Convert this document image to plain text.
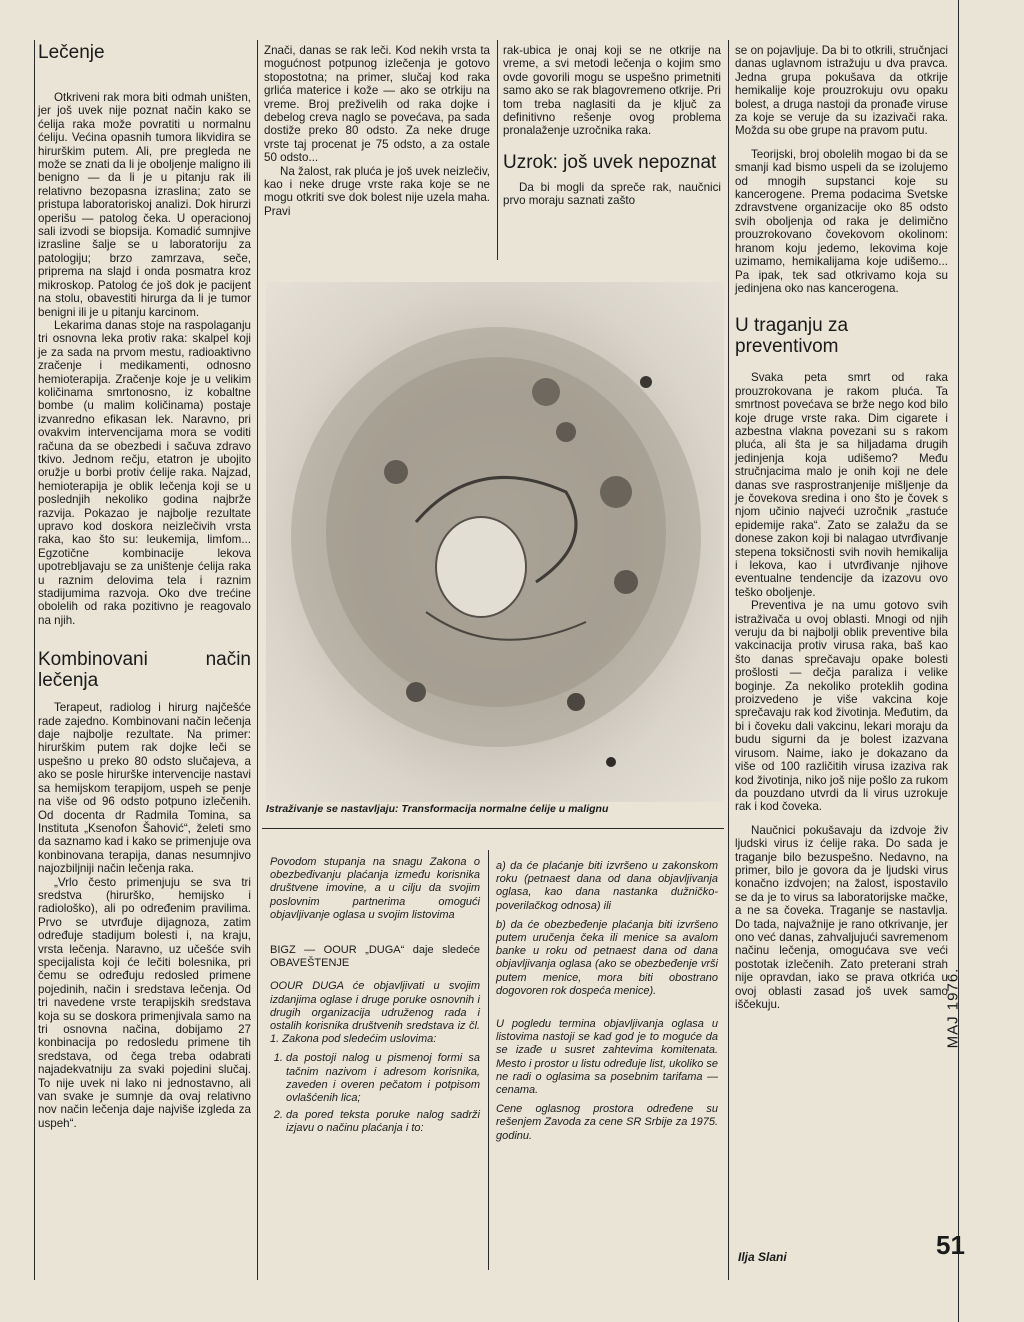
Lečenje

Otkriveni rak mora biti odmah uništen, jer još uvek nije poznat način kako se ćelija raka može povratiti u normalnu ćeliju. Većina opasnih tumora likvidira se hirurškim putem. Ali, pre pregleda ne može se znati da li je oboljenje maligno ili benigno — da li je u pitanju rak ili relativno bezopasna izraslina; zato se pristupa laboratoriskoj analizi. Dok hirurzi operišu — patolog čeka. U operacionoj sali izvodi se biopsija. Komadić sumnjive izrasline šalje se u laboratoriju za patologiju; brzo zamrzava, seče, priprema na slajd i onda posmatra kroz mikroskop. Patolog će još dok je pacijent na stolu, obavestiti hirurga da li je tumor benigni ili je u pitanju karcinom.

Lekarima danas stoje na raspolaganju tri osnovna leka protiv raka: skalpel koji je za sada na prvom mestu, radioaktivno zračenje i medikamenti, odnosno hemioterapija. Zračenje koje je u velikim količinama smrtonosno, iz kobaltne bombe (u malim količinama) postaje izvanredno efikasan lek. Naravno, pri ovakvim intervencijama mora se voditi računa da se obezbedi i sačuva zdravo tkivo. Jednom rečju, etatron je ubojito oružje u borbi protiv ćelije raka. Najzad, hemioterapija je oblik lečenja koji se u poslednjih nekoliko godina najbrže razvija. Pokazao je najbolje rezultate upravo kod doskora neizlečivih vrsta raka, kao što su: leukemija, limfom... Egzotične kombinacije lekova upotrebljavaju se za uništenje ćelija raka u raznim delovima tela i raznim stadijumima razvoja. Oko dve trećine obolelih od raka pozitivno je reagovalo na njih.

Kombinovani način lečenja

Terapeut, radiolog i hirurg najčešće rade zajedno. Kombinovani način lečenja daje najbolje rezultate. Na primer: hirurškim putem rak dojke leči se uspešno u preko 80 odsto slučajeva, a ako se posle hirurške intervencije nastavi sa hemijskom terapijom, uspeh se penje na više od 96 odsto potpuno izlečenih. Od docenta dr Radmila Tomina, sa Instituta „Ksenofon Šahović“, želeti smo da saznamo kad i kako se primenjuje ova konbinovana terapija, danas nesumnjivo najozbiljniji način lečenja raka.

„Vrlo često primenjuju se sva tri sredstva (hirurško, hemijsko i radiološko), ali po određenim pravilima. Prvo se utvrđuje dijagnoza, zatim određuje stadijum bolesti i, na kraju, vrsta lečenja. Naravno, uz učešće svih specijalista koji će lečiti bolesnika, pri čemu se određuju redosled primene pojedinih, način i sredstava lečenja. Od tri navedene vrste terapijskih sredstava koja su se doskora primenjivala samo na tri osnovna načina, dobijamo 27 konbinacija po redosledu primene tih sredstava, od čega treba odabrati najadekvatniju za svaki pojedini slučaj. To nije uvek ni lako ni jednostavno, ali van svake je sumnje da ovaj relativno nov način lečenja daje najviše izgleda za uspeh“.

Znači, danas se rak leči. Kod nekih vrsta ta mogućnost potpunog izlečenja je gotovo stopostotna; na primer, slučaj kod raka grlića materice i kože — ako se otrkiju na vreme. Broj preživelih od raka dojke i debelog creva naglo se povećava, pa sada dostiže preko 80 odsto. Za neke druge vrste taj procenat je 75 odsto, a za ostale 50 odsto...

Na žalost, rak pluća je još uvek neizlečiv, kao i neke druge vrste raka koje se ne mogu otkriti sve dok bolest nije uzela maha. Pravi

rak-ubica je onaj koji se ne otkrije na vreme, a svi metodi lečenja o kojim smo ovde govorili mogu se uspešno primetniti samo ako se rak blagovremeno otkrije. Pri tom treba naglasiti da je ključ za definitivno rešenje ovog problema pronalaženje uzročnika raka.

Uzrok: još uvek nepoznat

Da bi mogli da spreče rak, naučnici prvo moraju saznati zašto

Istraživanje se nastavljaju: Transformacija normalne ćelije u malignu

se on pojavljuje. Da bi to otkrili, stručnjaci danas uglavnom istražuju u dva pravca. Jedna grupa pokušava da otkrije hemikalije koje prouzrokuju ovu opaku bolest, a druga nastoji da pronađe viruse za koje se veruje da su izazivači raka. Možda su obe grupe na pravom putu.

Teorijski, broj obolelih mogao bi da se smanji kad bismo uspeli da se izolujemo od mnogih supstanci koje su kancerogene. Prema podacima Svetske zdravstvene organizacije oko 85 odsto svih oboljenja od raka je delimično prouzrokovano čovekovom okolinom: hranom koju jedemo, lekovima koje uzimamo, hemikalijama koje udišemo... Pa ipak, tek sad otkrivamo koja su jedinjena oko nas kancerogena.

U traganju za preventivom

Svaka peta smrt od raka prouzrokovana je rakom pluća. Ta smrtnost povećava se brže nego kod bilo koje druge vrste raka. Dim cigarete i azbestna vlakna povezani su s rakom pluća, ali šta je sa hiljadama drugih jedinjenja koja udišemo? Među stručnjacima malo je onih koji ne dele danas sve rasprostranjenije mišljenje da je čovekova sredina i ono što je čovek s njom učinio najveći uzročnik „rastuće epidemije raka“. Zato se zalažu da se donese zakon koji bi nalagao utvrđivanje stepena toksičnosti svih novih hemikalija i lekova, kao i utvrđivanje njihove eventualne tendencije da izazovu ovo teško oboljenje.

Preventiva je na umu gotovo svih istraživača u ovoj oblasti. Mnogi od njih veruju da bi najbolji oblik preventive bila vakcinacija protiv virusa raka, baš kao što danas sprečavaju opake bolesti prošlosti — dečja paraliza i velike boginje. Za nekoliko proteklih godina proizvedeno je više vakcina koje sprečavaju rak kod životinja. Međutim, da bi i čoveku dali vakcinu, lekari moraju da budu sigurni da je bolest izazvana virusom. Naime, iako je dokazano da više od 100 različitih virusa izaziva rak kod životinja, niko još nije pošlo za rukom da pouzdano utvrdi da li virus uzrokuje rak i kod čoveka.

Naučnici pokušavaju da izdvoje živ ljudski virus iz ćelije raka. Do sada je traganje bilo bezuspešno. Nedavno, na primer, bilo je govora da je ljudski virus konačno izdvojen; na žalost, ispostavilo se da je to virus sa laboratorijske mačke, a ne sa čoveka. Traganje se nastavlja. Do tada, najvažnije je rano otkrivanje, jer ono već danas, zahvaljujući savremenom načinu lečenja, omogućava sve veći postotak izlečenih. Zato preterani strah nije opravdan, iako se prava otkrića u ovoj oblasti zasad još uvek samo iščekuju.

Ilja Slani

Povodom stupanja na snagu Zakona o obezbeđivanju plaćanja između korisnika društvene imovine, a u cilju da svojim poslovnim partnerima omogući objavljivanje oglasa u svojim listovima

BIGZ — OOUR „DUGA“ daje sledeće OBAVEŠTENJE

OOUR DUGA će objavljivati u svojim izdanjima oglase i druge poruke osnovnih i drugih organizacija udruženog rada i ostalih korisnika društvenih sredstava iz čl. 1. Zakona pod sledećim uslovima:

1. da postoji nalog u pismenoj formi sa tačnim nazivom i adresom korisnika, zaveden i overen pečatom i potpisom ovlašćenih lica;
2. da pored teksta poruke nalog sadrži izjavu o načinu plaćanja i to:

a) da će plaćanje biti izvršeno u zakonskom roku (petnaest dana od dana objavljivanja oglasa, kao dana nastanka dužničko-poverilačkog odnosa) ili

b) da će obezbeđenje plaćanja biti izvršeno putem uručenja čeka ili menice sa avalom banke u roku od petnaest dana od dana objavljivanja oglasa (ako se obezbeđenje vrši putem menice, mora biti obostrano dogovoren rok dospeća menice).

U pogledu termina objavljivanja oglasa u listovima nastoji se kad god je to moguće da se izađe u susret zahtevima komitenata. Mesto i prostor u listu određuje list, ukoliko se ne radi o oglasima sa posebnim tarifama — cenama.

Cene oglasnog prostora određene su rešenjem Zavoda za cene SR Srbije za 1975. godinu.

MAJ 1976.
51
